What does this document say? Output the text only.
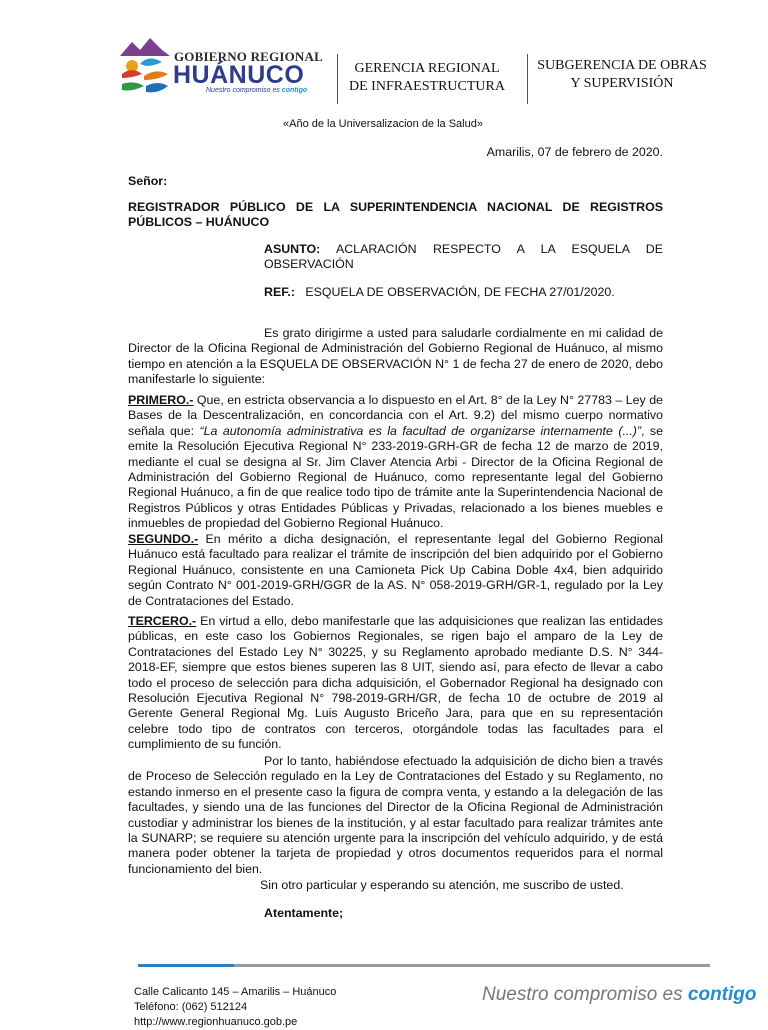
GOBIERNO REGIONAL
HUÁNUCO
Nuestro compromiso es contigo
GERENCIA REGIONAL
DE INFRAESTRUCTURA
SUBGERENCIA DE OBRAS
Y SUPERVISIÓN
«Año de la Universalizacion de la Salud»
Amarilis, 07 de febrero de 2020.
Señor:
REGISTRADOR PÚBLICO DE LA SUPERINTENDENCIA NACIONAL DE REGISTROS PÚBLICOS – HUÁNUCO
ASUNTO: ACLARACIÓN RESPECTO A LA ESQUELA DE OBSERVACIÓN
REF.: ESQUELA DE OBSERVACIÓN, DE FECHA 27/01/2020.
Es grato dirigirme a usted para saludarle cordialmente en mi calidad de Director de la Oficina Regional de Administración del Gobierno Regional de Huánuco, al mismo tiempo en atención a la ESQUELA DE OBSERVACIÓN N° 1 de fecha 27 de enero de 2020, debo manifestarle lo siguiente:
PRIMERO.- Que, en estricta observancia a lo dispuesto en el Art. 8° de la Ley N° 27783 – Ley de Bases de la Descentralización, en concordancia con el Art. 9.2) del mismo cuerpo normativo señala que: “La autonomía administrativa es la facultad de organizarse internamente (...)”, se emite la Resolución Ejecutiva Regional N° 233-2019-GRH-GR de fecha 12 de marzo de 2019, mediante el cual se designa al Sr. Jim Claver Atencia Arbi - Director de la Oficina Regional de Administración del Gobierno Regional de Huánuco, como representante legal del Gobierno Regional Huánuco, a fin de que realice todo tipo de trámite ante la Superintendencia Nacional de Registros Públicos y otras Entidades Públicas y Privadas, relacionado a los bienes muebles e inmuebles de propiedad del Gobierno Regional Huánuco.
SEGUNDO.- En mérito a dicha designación, el representante legal del Gobierno Regional Huánuco está facultado para realizar el trámite de inscripción del bien adquirido por el Gobierno Regional Huánuco, consistente en una Camioneta Pick Up Cabina Doble 4x4, bien adquirido según Contrato N° 001-2019-GRH/GGR de la AS. N° 058-2019-GRH/GR-1, regulado por la Ley de Contrataciones del Estado.
TERCERO.- En virtud a ello, debo manifestarle que las adquisiciones que realizan las entidades públicas, en este caso los Gobiernos Regionales, se rigen bajo el amparo de la Ley de Contrataciones del Estado Ley N° 30225, y su Reglamento aprobado mediante D.S. N° 344-2018-EF, siempre que estos bienes superen las 8 UIT, siendo así, para efecto de llevar a cabo todo el proceso de selección para dicha adquisición, el Gobernador Regional ha designado con Resolución Ejecutiva Regional N° 798-2019-GRH/GR, de fecha 10 de octubre de 2019 al Gerente General Regional Mg. Luis Augusto Briceño Jara, para que en su representación celebre todo tipo de contratos con terceros, otorgándole todas las facultades para el cumplimiento de su función.
Por lo tanto, habiéndose efectuado la adquisición de dicho bien a través de Proceso de Selección regulado en la Ley de Contrataciones del Estado y su Reglamento, no estando inmerso en el presente caso la figura de compra venta, y estando a la delegación de las facultades, y siendo una de las funciones del Director de la Oficina Regional de Administración custodiar y administrar los bienes de la institución, y al estar facultado para realizar trámites ante la SUNARP; se requiere su atención urgente para la inscripción del vehículo adquirido, y de está manera poder obtener la tarjeta de propiedad y otros documentos requeridos para el normal funcionamiento del bien.
Sin otro particular y esperando su atención, me suscribo de usted.
Atentamente;
Calle Calicanto 145 – Amarilis – Huánuco
Teléfono: (062) 512124
http://www.regionhuanuco.gob.pe
Nuestro compromiso es contigo
